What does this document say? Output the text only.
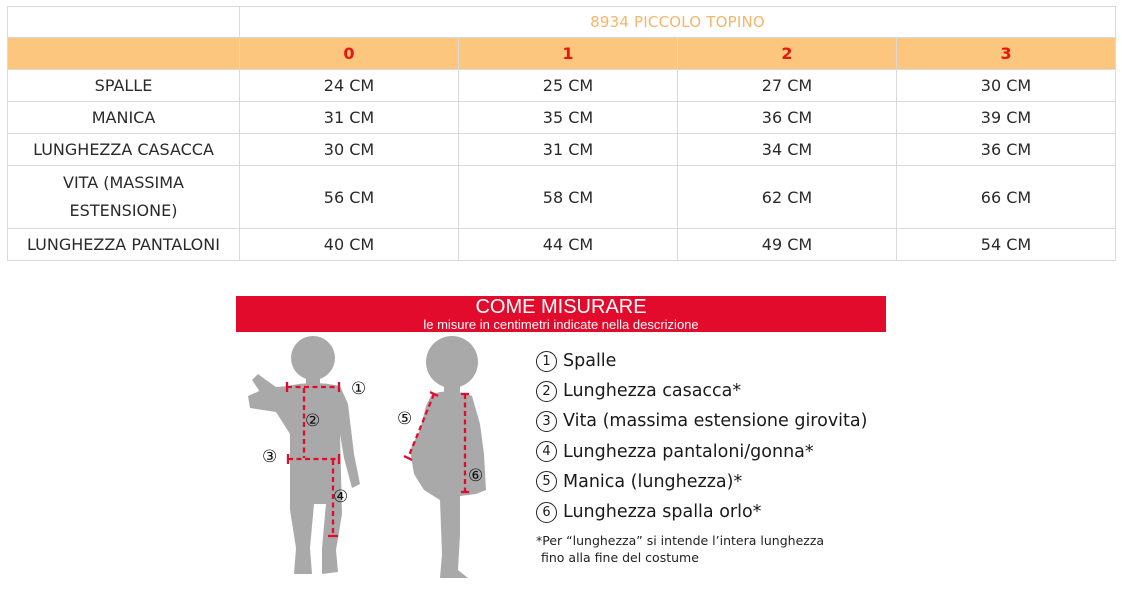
	8934 PICCOLO TOPINO			
	0	1	2	3
SPALLE	24 CM	25 CM	27 CM	30 CM
MANICA	31 CM	35 CM	36 CM	39 CM
LUNGHEZZA CASACCA	30 CM	31 CM	34 CM	36 CM
VITA (MASSIMA ESTENSIONE)	56 CM	58 CM	62 CM	66 CM
LUNGHEZZA PANTALONI	40 CM	44 CM	49 CM	54 CM
COME MISURARE
le misure in centimetri indicate nella descrizione
①
②
③
④
⑤
⑥
1 Spalle
2 Lunghezza casacca*
3 Vita (massima estensione girovita)
4 Lunghezza pantaloni/gonna*
5 Manica (lunghezza)*
6 Lunghezza spalla orlo*
*Per “lunghezza” si intende l’intera lunghezza
fino alla fine del costume
